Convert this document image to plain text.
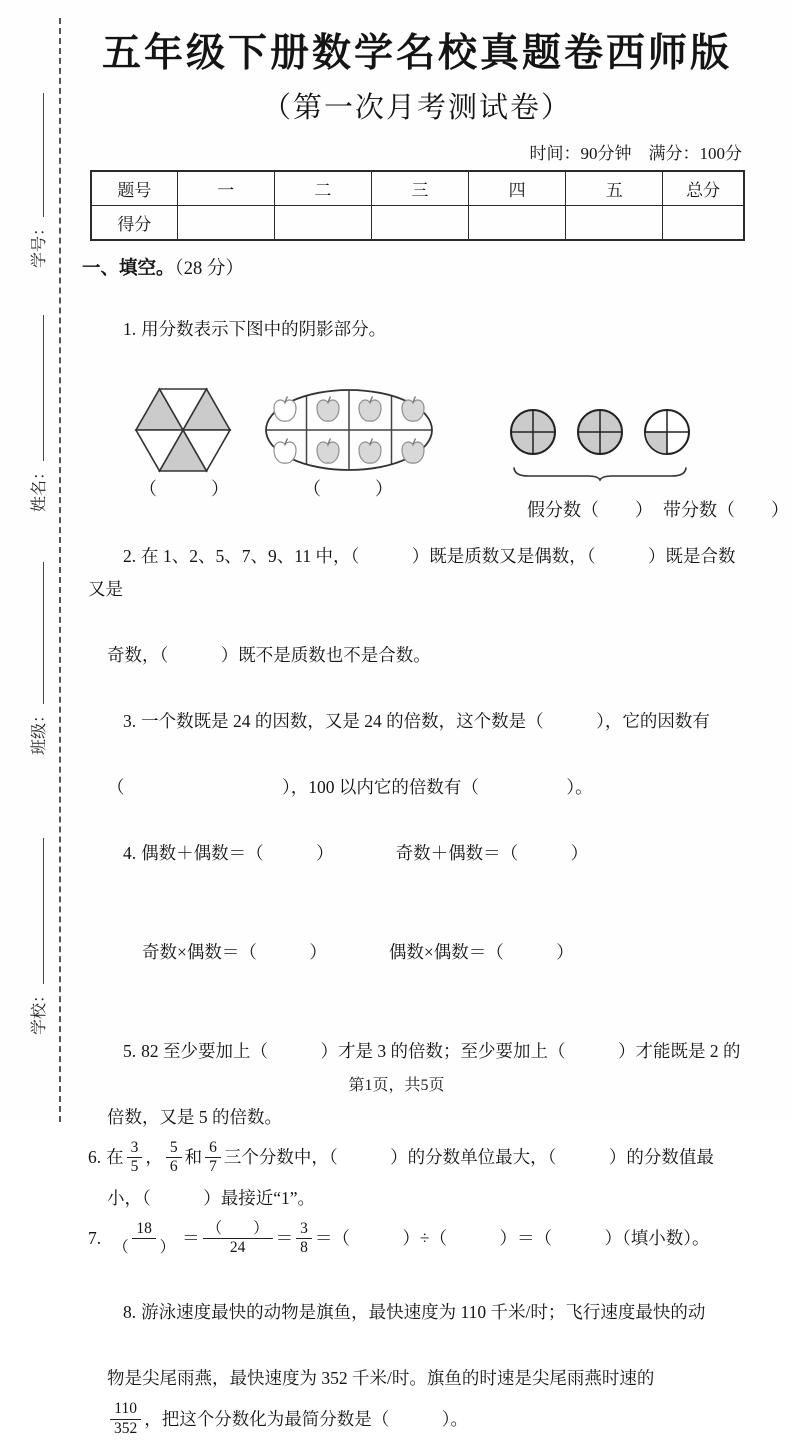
学号：
姓名：
班级：
学校：
五年级下册数学名校真题卷西师版
（第一次月考测试卷）
时间：90分钟　满分：100分
题号	一	二	三	四	五	总分
得分						
一、填空。（28 分）

1. 用分数表示下图中的阴影部分。

（　　　）	（　　　）

假分数（　　） 带分数（　　）

2. 在 1、2、5、7、9、11 中，（　　　）既是质数又是偶数，（　　　）既是合数又是

奇数，（　　　）既不是质数也不是合数。

3. 一个数既是 24 的因数，又是 24 的倍数，这个数是（　　　），它的因数有

（　　　　　　　　　），100 以内它的倍数有（　　　　　）。

4. 偶数＋偶数＝（　　　）	奇数＋偶数＝（　　　）

奇数×偶数＝（　　　）	偶数×偶数＝（　　　）

5. 82 至少要加上（　　　）才是 3 的倍数；至少要加上（　　　）才能既是 2 的

倍数，又是 5 的倍数。
6. 在 $\frac{3}{5}$ ， $\frac{5}{6}$ 和 $\frac{6}{7}$ 三个分数中，（　　　）的分数单位最大，（　　　）的分数值最
小，（　　　）最接近“1”。
7. $\frac{18}{( )} = \frac{( )}{24} = \frac{3}{8}$ ＝（　　　）÷（　　　）＝（　　　）（填小数）。

8. 游泳速度最快的动物是旗鱼，最快速度为 110 千米/时；飞行速度最快的动

物是尖尾雨燕，最快速度为 352 千米/时。旗鱼的时速是尖尾雨燕时速的
$\frac{110}{352}$ ，把这个分数化为最简分数是（　　　）。
第1页，共5页
